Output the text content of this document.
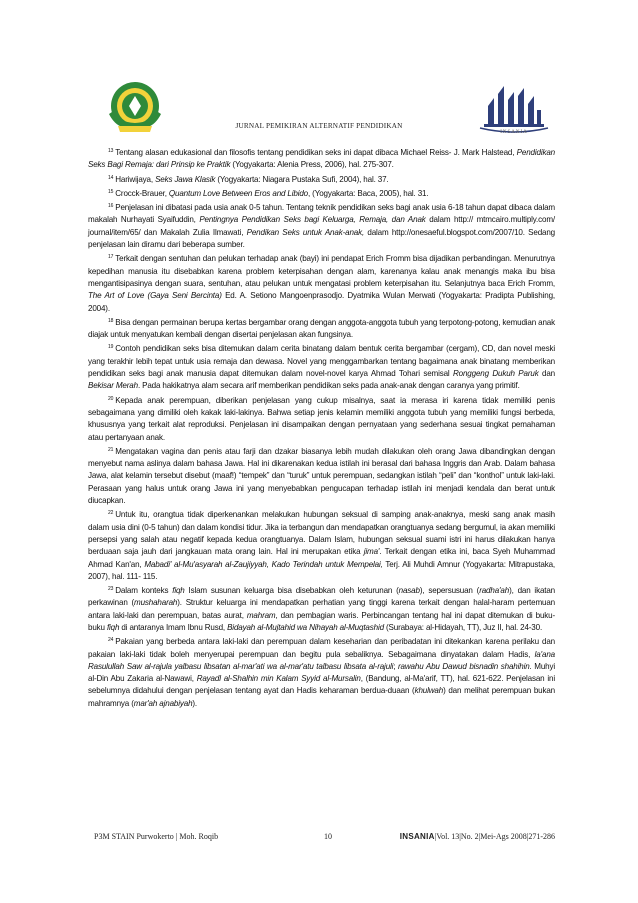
INSANIA
JURNAL PEMIKIRAN ALTERNATIF PENDIDIKAN

$^{13}$ Tentang alasan edukasional dan filosofis tentang pendidikan seks ini dapat dibaca Michael Reiss- J. Mark Halstead, Pendidikan Seks Bagi Remaja: dari Prinsip ke Praktik (Yogyakarta: Alenia Press, 2006), hal. 275-307.

$^{14}$ Hariwijaya, Seks Jawa Klasik (Yogyakarta: Niagara Pustaka Sufi, 2004), hal. 37.

$^{15}$ Crocck-Brauer, Quantum Love Between Eros and Libido, (Yogyakarta: Baca, 2005), hal. 31.

$^{16}$ Penjelasan ini dibatasi pada usia anak 0-5 tahun. Tentang teknik pendidikan seks bagi anak usia 6-18 tahun dapat dibaca dalam makalah Nurhayati Syaifuddin, Pentingnya Pendidikan Seks bagi Keluarga, Remaja, dan Anak dalam http:// mtmcairo.multiply.com/ journal/item/65/ dan Makalah Zulia Ilmawati, Pendikan Seks untuk Anak-anak, dalam http://onesaeful.blogspot.com/2007/10. Sedang penjelasan lain diramu dari beberapa sumber.

$^{17}$ Terkait dengan sentuhan dan pelukan terhadap anak (bayi) ini pendapat Erich Fromm bisa dijadikan perbandingan. Menurutnya kepedihan manusia itu disebabkan karena problem keterpisahan dengan alam, karenanya kalau anak menangis maka ibu bisa mengantisipasinya dengan suara, sentuhan, atau pelukan untuk mengatasi problem keterpisahan itu. Selanjutnya baca Erich Fromm, The Art of Love (Gaya Seni Bercinta) Ed. A. Setiono Mangoenprasodjo. Dyatmika Wulan Merwati (Yogyakarta: Pradipta Publishing, 2004).

$^{18}$ Bisa dengan permainan berupa kertas bergambar orang dengan anggota-anggota tubuh yang terpotong-potong, kemudian anak diajak untuk menyatukan kembali dengan disertai penjelasan akan fungsinya.

$^{19}$ Contoh pendidikan seks bisa ditemukan dalam cerita binatang dalam bentuk cerita bergambar (cergam), CD, dan novel meski yang terakhir lebih tepat untuk usia remaja dan dewasa. Novel yang menggambarkan tentang bagaimana anak binatang memberikan pendidikan seks bagi anak manusia dapat ditemukan dalam novel-novel karya Ahmad Tohari semisal Ronggeng Dukuh Paruk dan Bekisar Merah. Pada hakikatnya alam secara arif memberikan pendidikan seks pada anak-anak dengan caranya yang primitif.

$^{20}$ Kepada anak perempuan, diberikan penjelasan yang cukup misalnya, saat ia merasa iri karena tidak memiliki penis sebagaimana yang dimiliki oleh kakak laki-lakinya. Bahwa setiap jenis kelamin memiliki anggota tubuh yang memiliki fungsi berbeda, khususnya yang terkait alat reproduksi. Penjelasan ini disampaikan dengan pernyataan yang sederhana sesuai tingkat pemahaman atau pertanyaan anak.

$^{21}$ Mengatakan vagina dan penis atau farji dan dzakar biasanya lebih mudah dilakukan oleh orang Jawa dibandingkan dengan menyebut nama aslinya dalam bahasa Jawa. Hal ini dikarenakan kedua istilah ini berasal dari bahasa Inggris dan Arab. Dalam bahasa Jawa, alat kelamin tersebut disebut (maaf!) “tempek” dan “turuk” untuk perempuan, sedangkan istilah “peli” dan “konthol” untuk laki-laki. Perasaan yang halus untuk orang Jawa ini yang menyebabkan pengucapan terhadap istilah ini menjadi kendala dan berat untuk diucapkan.

$^{22}$ Untuk itu, orangtua tidak diperkenankan melakukan hubungan seksual di samping anak-anaknya, meski sang anak masih dalam usia dini (0-5 tahun) dan dalam kondisi tidur. Jika ia terbangun dan mendapatkan orangtuanya sedang bergumul, ia akan memiliki persepsi yang salah atau negatif kepada kedua orangtuanya. Dalam Islam, hubungan seksual suami istri ini harus dilakukan hanya berduaan saja jauh dari jangkauan mata orang lain. Hal ini merupakan etika jima'. Terkait dengan etika ini, baca Syeh Muhammad Ahmad Kan'an, Mabadi' al-Mu'asyarah al-Zaujiyyah, Kado Terindah untuk Mempelai, Terj. Ali Muhdi Amnur (Yogyakarta: Mitrapustaka, 2007), hal. 111- 115.

$^{23}$ Dalam konteks fiqh Islam susunan keluarga bisa disebabkan oleh keturunan (nasab), sepersusuan (radha'ah), dan ikatan perkawinan (mushaharah). Struktur keluarga ini mendapatkan perhatian yang tinggi karena terkait dengan halal-haram pertemuan antara laki-laki dan perempuan, batas aurat, mahram, dan pembagian waris. Perbincangan tentang hal ini dapat ditemukan di buku-buku fiqh di antaranya Imam Ibnu Rusd, Bidayah al-Mujtahid wa Nihayah al-Muqtashid (Surabaya: al-Hidayah, TT), Juz II, hal. 24-30.

$^{24}$ Pakaian yang berbeda antara laki-laki dan perempuan dalam keseharian dan peribadatan ini ditekankan karena perilaku dan pakaian laki-laki tidak boleh menyerupai perempuan dan begitu pula sebaliknya. Sebagaimana dinyatakan dalam Hadis, la'ana Rasulullah Saw al-rajula yalbasu libsatan al-mar'ati wa al-mar'atu talbasu libsata al-rajuli; rawahu Abu Dawud bisnadin shahihin. Muhyi al-Din Abu Zakaria al-Nawawi, Rayadl al-Shalhin min Kalam Syyid al-Mursalin, (Bandung, al-Ma'arif, TT), hal. 621-622. Penjelasan ini sebelumnya didahului dengan penjelasan tentang ayat dan Hadis keharaman berdua-duaan (khulwah) dan melihat perempuan bukan mahramnya (mar'ah ajnabiyah).

P3M STAIN Purwokerto | Moh. Roqib	10	INSANIA|Vol. 13|No. 2|Mei-Ags 2008|271-286
